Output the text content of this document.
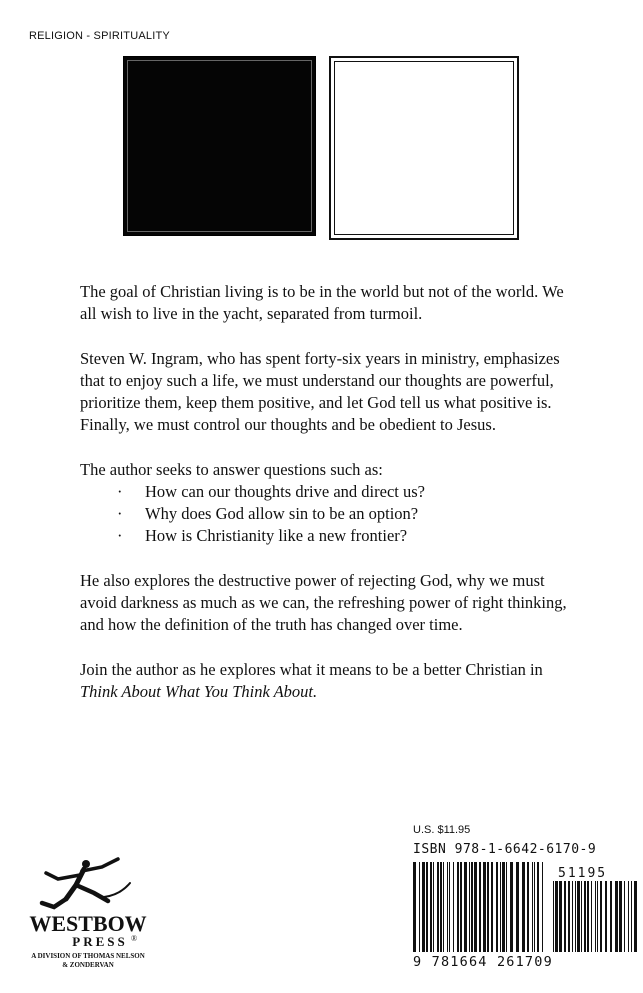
RELIGION - SPIRITUALITY

The goal of Christian living is to be in the world but not of the world. We all wish to live in the yacht, separated from turmoil.

Steven W. Ingram, who has spent forty-six years in ministry, emphasizes that to enjoy such a life, we must understand our thoughts are powerful, prioritize them, keep them positive, and let God tell us what positive is. Finally, we must control our thoughts and be obedient to Jesus.

The author seeks to answer questions such as:

· How can our thoughts drive and direct us?
· Why does God allow sin to be an option?
· How is Christianity like a new frontier?

He also explores the destructive power of rejecting God, why we must avoid darkness as much as we can, the refreshing power of right thinking, and how the definition of the truth has changed over time.

Join the author as he explores what it means to be a better Christian in Think About What You Think About.

U.S. $11.95
ISBN 978-1-6642-6170-9
51195
9 781664 261709
WESTBOW
PRESS ®
A DIVISION OF THOMAS NELSON
& ZONDERVAN
